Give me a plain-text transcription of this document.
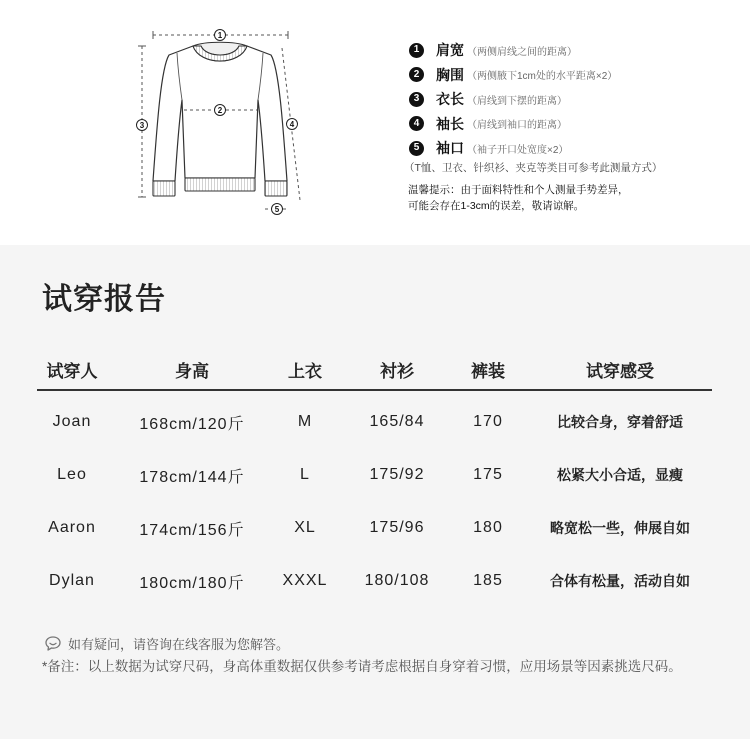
1
2
3	4
5
1	肩宽 （两侧肩线之间的距离）
2	胸围 （两侧腋下1cm处的水平距离×2）
3	衣长 （肩线到下摆的距离）
4	袖长 （肩线到袖口的距离）
5	袖口 （袖子开口处宽度×2）
（T恤、卫衣、针织衫、夹克等类目可参考此测量方式）
温馨提示：由于面料特性和个人测量手势差异，
可能会存在1-3cm的误差，敬请谅解。
试穿报告
试穿人	身高	上衣	衬衫	裤装	试穿感受
Joan	168cm/120斤	M	165/84	170	比较合身，穿着舒适
Leo	178cm/144斤	L	175/92	175	松紧大小合适，显瘦
Aaron	174cm/156斤	XL	175/96	180	略宽松一些，伸展自如
Dylan	180cm/180斤	XXXL	180/108	185	合体有松量，活动自如
如有疑问，请咨询在线客服为您解答。
*备注：以上数据为试穿尺码，身高体重数据仅供参考请考虑根据自身穿着习惯，应用场景等因素挑选尺码。
